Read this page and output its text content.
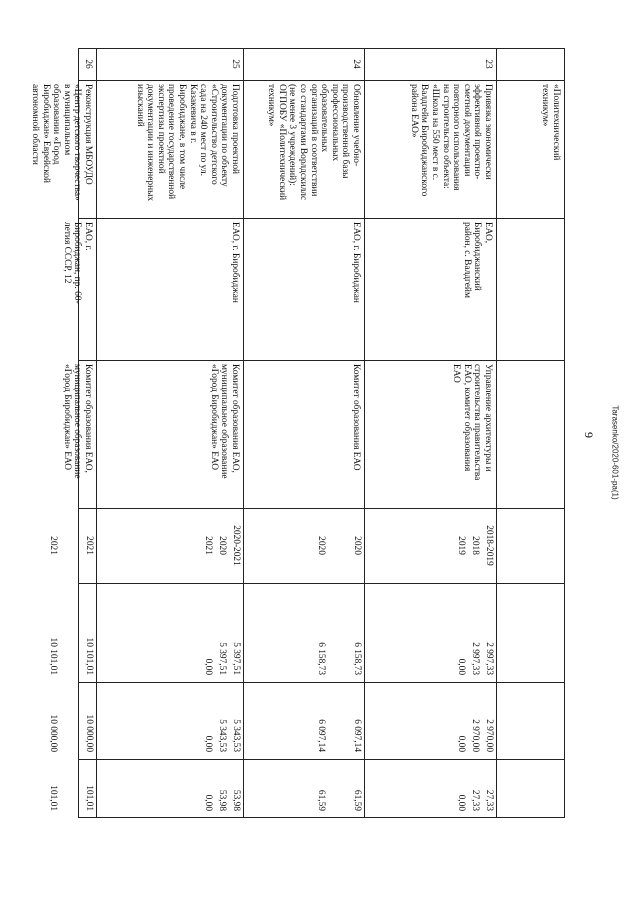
9	Tarasenko/2020-601-ра(1)
«Политехнический
техникум»
23
Привязка экономически
эффективной проектно-
сметной документации
повторного использования
на строительство объекта:
«Школа на 550 мест в с.
Валдгейм Биробиджанского
района ЕАО»
ЕАО,
Биробиджанский
район, с. Валдгейм
Управление архитектуры и
строительства правительства
ЕАО, комитет образования
ЕАО
2018-2019
2 997,33
2 970,00
27,33
2018
2 997,33
2 970,00
27,33
2019
0,00
0,00
0,00
24
Обновление учебно-
производственной базы
профессиональных
образовательных
организаций в соответствии
со стандартами Ворлдскиллс
(не менее 3 учреждений):
ОГПОБУ «Политехнический
техникум»
ЕАО, г. Биробиджан
Комитет образования ЕАО
2020
6 158,73
6 097,14
61,59
2020
6 158,73
6 097,14
61,59
25
Подготовка проектной
документации по объекту
«Строительство детского
сада на 240 мест по ул.
Казакевича в г.
Биробиджане, в том числе
проведение государственной
экспертизы проектной
документации и инженерных
изысканий
ЕАО, г. Биробиджан
Комитет образования ЕАО,
муниципальное образование
«Город Биробиджан» ЕАО
2020-2021
5 397,51
5 343,53
53,98
2020
5 397,51
5 343,53
53,98
2021
0,00
0,00
0,00
26
Реконструкция МБОУДО
«Центр детского творчества»
в муниципальном
образовании «Город
Биробиджан» Еврейской
автономной области
ЕАО, г.
Биробиджан, пр. 60-
летия СССР, 12
Комитет образования ЕАО,
муниципальное образование
«Город Биробиджан» ЕАО
2021
10 101,01
10 000,00
101,01
2021
10 101,01
10 000,00
101,01
